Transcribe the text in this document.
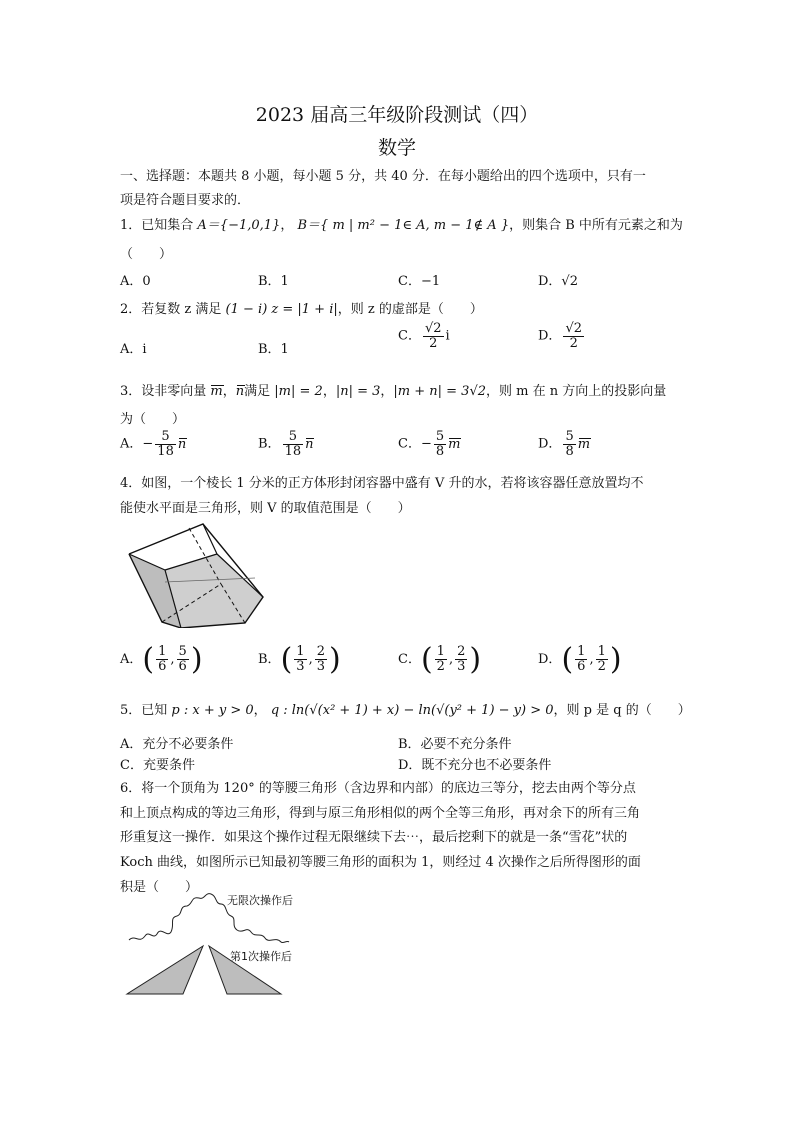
2023 届高三年级阶段测试（四）
数学
一、选择题：本题共 8 小题，每小题 5 分，共 40 分．在每小题给出的四个选项中，只有一
项是符合题目要求的．
1．已知集合 A＝{−1,0,1}， B＝{ m | m² − 1∈ A, m − 1∉ A }，则集合 B 中所有元素之和为
（　　）
A．0	B．1	C．−1	D．√2
2．若复数 z 满足 (1 − i) z = |1 + i|，则 z 的虚部是（　　）
A．i	B．1
C． $\frac{√2}{2}$ i	D． $\frac{√2}{2}$
3．设非零向量 m，n满足 |m| = 2，|n| = 3，|m + n| = 3√2，则 m 在 n 方向上的投影向量
为（　　）
A．− $\frac{5}{18}$ n	B． $\frac{5}{18}$ n	C．− $\frac{5}{8}$ m	D． $\frac{5}{8}$ m
4．如图，一个棱长 1 分米的正方体形封闭容器中盛有 V 升的水，若将该容器任意放置均不
能使水平面是三角形，则 V 的取值范围是（　　）
A．( $\frac{1}{6}$ , $\frac{5}{6}$ )	B．( $\frac{1}{3}$ , $\frac{2}{3}$ )	C．( $\frac{1}{2}$ , $\frac{2}{3}$ )	D．( $\frac{1}{6}$ , $\frac{1}{2}$ )
5．已知 p : x + y > 0， q : ln(√(x² + 1) + x) − ln(√(y² + 1) − y) > 0，则 p 是 q 的（　　）
A．充分不必要条件	B．必要不充分条件
C．充要条件	D．既不充分也不必要条件
6．将一个顶角为 120° 的等腰三角形（含边界和内部）的底边三等分，挖去由两个等分点
和上顶点构成的等边三角形，得到与原三角形相似的两个全等三角形，再对余下的所有三角
形重复这一操作．如果这个操作过程无限继续下去⋯，最后挖剩下的就是一条“雪花”状的
Koch 曲线，如图所示已知最初等腰三角形的面积为 1，则经过 4 次操作之后所得图形的面
积是（　　）
无限次操作后
第1次操作后
